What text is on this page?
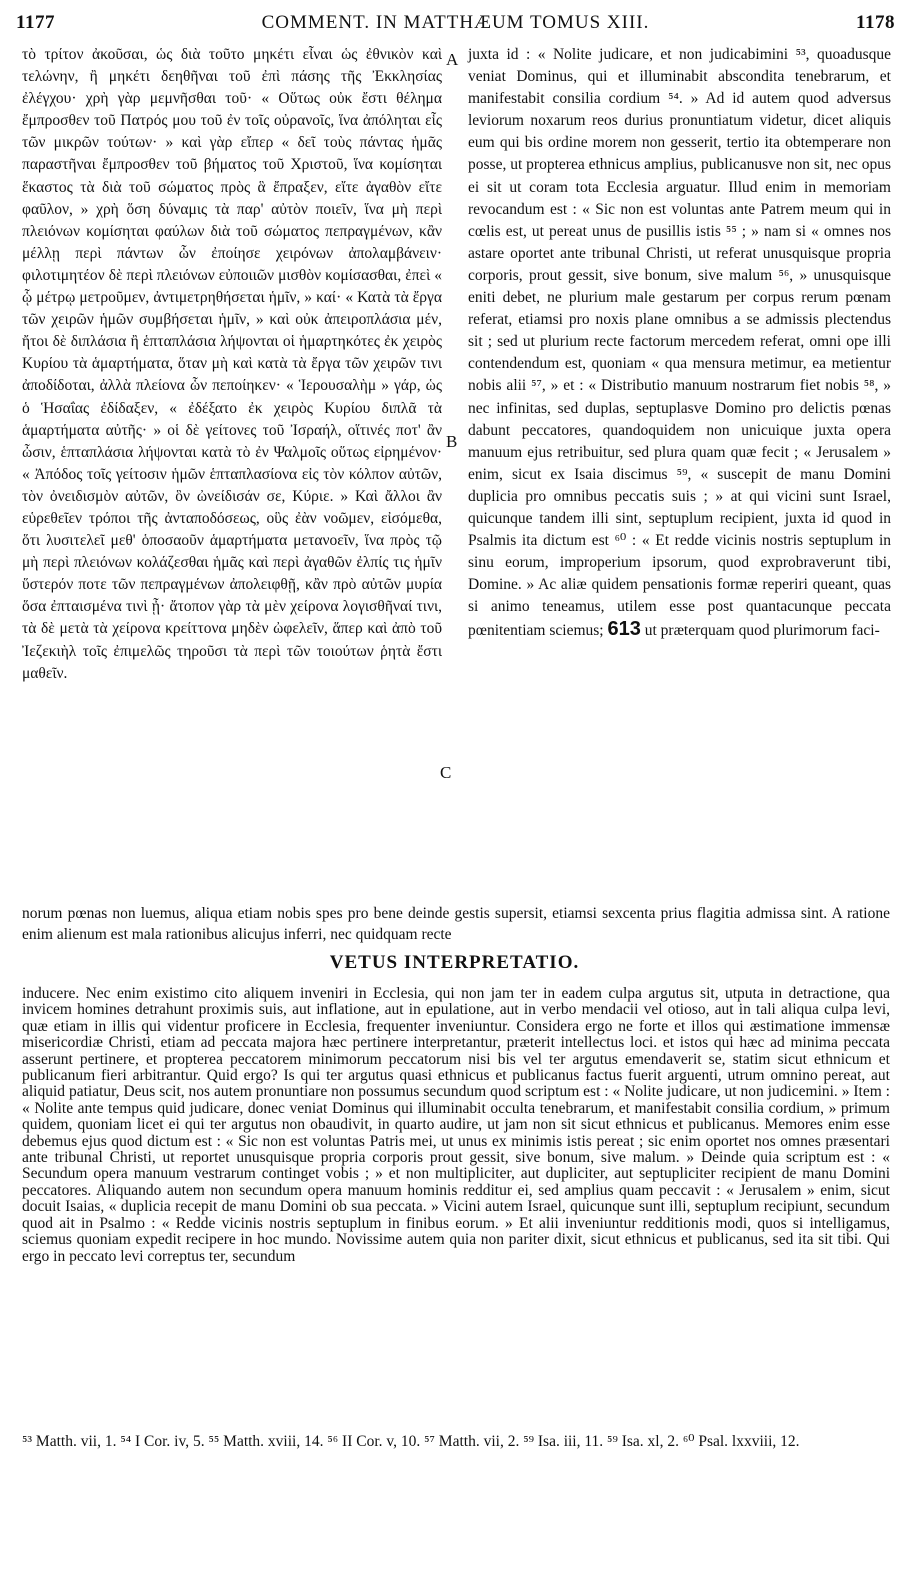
1177	COMMENT. IN MATTHÆUM TOMUS XIII.	1178

τὸ τρίτον ἀκοῦσαι, ὡς διὰ τοῦτο μηκέτι εἶναι ὡς ἐθνικὸν καὶ τελώνην, ἢ μηκέτι δεηθῆναι τοῦ ἐπὶ πάσης τῆς Ἐκκλησίας ἐλέγχου· χρὴ γὰρ μεμνῆσθαι τοῦ· « Οὕτως οὐκ ἔστι θέλημα ἔμπροσθεν τοῦ Πατρός μου τοῦ ἐν τοῖς οὐρανοῖς, ἵνα ἀπόληται εἷς τῶν μικρῶν τούτων· » καὶ γὰρ εἴπερ « δεῖ τοὺς πάντας ἡμᾶς παραστῆναι ἔμπροσθεν τοῦ βήματος τοῦ Χριστοῦ, ἵνα κομίσηται ἕκαστος τὰ διὰ τοῦ σώματος πρὸς ἃ ἔπραξεν, εἴτε ἀγαθὸν εἴτε φαῦλον, » χρὴ ὅση δύναμις τὰ παρ' αὐτὸν ποιεῖν, ἵνα μὴ περὶ πλειόνων κομίσηται φαύλων διὰ τοῦ σώματος πεπραγμένων, κἂν μέλλῃ περὶ πάντων ὧν ἐποίησε χειρόνων ἀπολαμβάνειν· φιλοτιμητέον δὲ περὶ πλειόνων εὐποιιῶν μισθὸν κομίσασθαι, ἐπεὶ « ᾧ μέτρῳ μετροῦμεν, ἀντιμετρηθήσεται ἡμῖν, » καί· « Κατὰ τὰ ἔργα τῶν χειρῶν ἡμῶν συμβήσεται ἡμῖν, » καὶ οὐκ ἀπειροπλάσια μέν, ἤτοι δὲ διπλάσια ἢ ἑπταπλάσια λήψονται οἱ ἡμαρτηκότες ἐκ χειρὸς Κυρίου τὰ ἁμαρτήματα, ὅταν μὴ καὶ κατὰ τὰ ἔργα τῶν χειρῶν τινι ἀποδίδοται, ἀλλὰ πλείονα ὧν πεποίηκεν· « Ἱερουσαλὴμ » γάρ, ὡς ὁ Ἡσαΐας ἐδίδαξεν, « ἐδέξατο ἐκ χειρὸς Κυρίου διπλᾶ τὰ ἁμαρτήματα αὐτῆς· » οἱ δὲ γείτονες τοῦ Ἰσραήλ, οἵτινές ποτ' ἂν ὦσιν, ἑπταπλάσια λήψονται κατὰ τὸ ἐν Ψαλμοῖς οὕτως εἰρημένον· « Ἀπόδος τοῖς γείτοσιν ἡμῶν ἑπταπλασίονα εἰς τὸν κόλπον αὐτῶν, τὸν ὀνειδισμὸν αὐτῶν, ὃν ὠνείδισάν σε, Κύριε. » Καὶ ἄλλοι ἂν εὑρεθεῖεν τρόποι τῆς ἀνταποδόσεως, οὓς ἐὰν νοῶμεν, εἰσόμεθα, ὅτι λυσιτελεῖ μεθ' ὁποσαοῦν ἁμαρτήματα μετανοεῖν, ἵνα πρὸς τῷ μὴ περὶ πλειόνων κολάζεσθαι ἡμᾶς καὶ περὶ ἀγαθῶν ἐλπίς τις ἡμῖν ὕστερόν ποτε τῶν πεπραγμένων ἀπολειφθῇ, κἂν πρὸ αὐτῶν μυρία ὅσα ἐπταισμένα τινὶ ᾖ· ἄτοπον γὰρ τὰ μὲν χείρονα λογισθῆναί τινι, τὰ δὲ μετὰ τὰ χείρονα κρείττονα μηδὲν ὠφελεῖν, ἅπερ καὶ ἀπὸ τοῦ Ἰεζεκιὴλ τοῖς ἐπιμελῶς τηροῦσι τὰ περὶ τῶν τοιούτων ῥητὰ ἔστι μαθεῖν.

A
B
C

juxta id : « Nolite judicare, et non judicabimini ⁵³, quoadusque veniat Dominus, qui et illuminabit abscondita tenebrarum, et manifestabit consilia cordium ⁵⁴. » Ad id autem quod adversus leviorum noxarum reos durius pronuntiatum videtur, dicet aliquis eum qui bis ordine morem non gesserit, tertio ita obtemperare non posse, ut propterea ethnicus amplius, publicanusve non sit, nec opus ei sit ut coram tota Ecclesia arguatur. Illud enim in memoriam revocandum est : « Sic non est voluntas ante Patrem meum qui in cœlis est, ut pereat unus de pusillis istis ⁵⁵ ; » nam si « omnes nos astare oportet ante tribunal Christi, ut referat unusquisque propria corporis, prout gessit, sive bonum, sive malum ⁵⁶, » unusquisque eniti debet, ne plurium male gestarum per corpus rerum pœnam referat, etiamsi pro noxis plane omnibus a se admissis plectendus sit ; sed ut plurium recte factorum mercedem referat, omni ope illi contendendum est, quoniam « qua mensura metimur, ea metientur nobis alii ⁵⁷, » et : « Distributio manuum nostrarum fiet nobis ⁵⁸, » nec infinitas, sed duplas, septuplasve Domino pro delictis pœnas dabunt peccatores, quandoquidem non unicuique juxta opera manuum ejus retribuitur, sed plura quam quæ fecit ; « Jerusalem » enim, sicut ex Isaia discimus ⁵⁹, « suscepit de manu Domini duplicia pro omnibus peccatis suis ; » at qui vicini sunt Israel, quicunque tandem illi sint, septuplum recipient, juxta id quod in Psalmis ita dictum est ⁶⁰ : « Et redde vicinis nostris septuplum in sinu eorum, improperium ipsorum, quod exprobraverunt tibi, Domine. » Ac aliæ quidem pensationis formæ reperiri queant, quas si animo teneamus, utilem esse post quantacunque peccata pœnitentiam sciemus; 613 ut præterquam quod plurimorum faci-

norum pœnas non luemus, aliqua etiam nobis spes pro bene deinde gestis supersit, etiamsi sexcenta prius flagitia admissa sint. A ratione enim alienum est mala rationibus alicujus inferri, nec quidquam recte
VETUS INTERPRETATIO.

inducere. Nec enim existimo cito aliquem inveniri in Ecclesia, qui non jam ter in eadem culpa argutus sit, utputa in detractione, qua invicem homines detrahunt proximis suis, aut inflatione, aut in epulatione, aut in verbo mendacii vel otioso, aut in tali aliqua culpa levi, quæ etiam in illis qui videntur proficere in Ecclesia, frequenter inveniuntur. Considera ergo ne forte et illos qui æstimatione immensæ misericordiæ Christi, etiam ad peccata majora hæc pertinere interpretantur, præterit intellectus loci. et istos qui hæc ad minima peccata asserunt pertinere, et propterea peccatorem minimorum peccatorum nisi bis vel ter argutus emendaverit se, statim sicut ethnicum et publicanum fieri arbitrantur. Quid ergo? Is qui ter argutus quasi ethnicus et publicanus factus fuerit arguenti, utrum omnino pereat, aut aliquid patiatur, Deus scit, nos autem pronuntiare non possumus secundum quod scriptum est : « Nolite judicare, ut non judicemini. » Item : « Nolite ante tempus quid judicare, donec veniat Dominus qui illuminabit occulta tenebrarum, et manifestabit consilia cordium, » primum quidem, quoniam licet ei qui ter argutus non obaudivit, in quarto audire, ut jam non sit sicut ethnicus et publicanus. Memores enim esse debemus ejus quod dictum est : « Sic non est voluntas Patris mei, ut unus ex minimis istis pereat ; sic enim oportet nos omnes præsentari ante tribunal Christi, ut reportet unusquisque propria corporis prout gessit, sive bonum, sive malum. » Deinde quia scriptum est : « Secundum opera manuum vestrarum continget vobis ; » et non multipliciter, aut dupliciter, aut septupliciter recipient de manu Domini peccatores. Aliquando autem non secundum opera manuum hominis redditur ei, sed amplius quam peccavit : « Jerusalem » enim, sicut docuit Isaias, « duplicia recepit de manu Domini ob sua peccata. » Vicini autem Israel, quicunque sunt illi, septuplum recipiunt, secundum quod ait in Psalmo : « Redde vicinis nostris septuplum in finibus eorum. » Et alii inveniuntur redditionis modi, quos si intelligamus, sciemus quoniam expedit recipere in hoc mundo. Novissime autem quia non pariter dixit, sicut ethnicus et publicanus, sed ita sit tibi. Qui ergo in peccato levi correptus ter, secundum

⁵³ Matth. vii, 1. ⁵⁴ I Cor. iv, 5. ⁵⁵ Matth. xviii, 14. ⁵⁶ II Cor. v, 10. ⁵⁷ Matth. vii, 2. ⁵⁹ Isa. iii, 11. ⁵⁹ Isa. xl, 2. ⁶⁰ Psal. lxxviii, 12.
